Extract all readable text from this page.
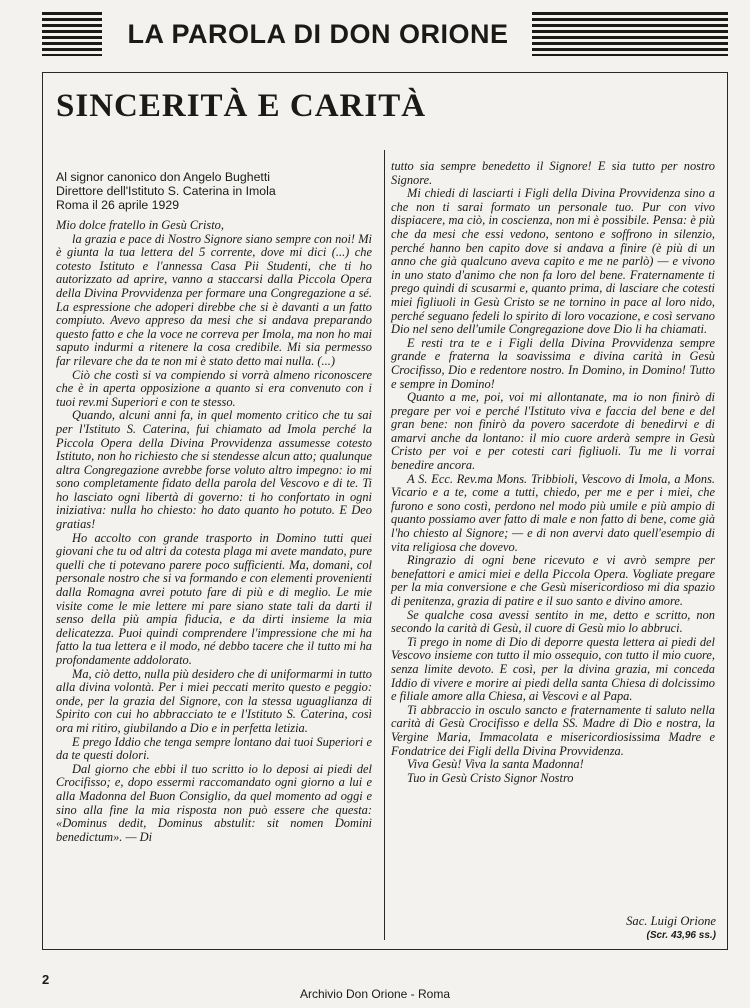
LA PAROLA DI DON ORIONE
SINCERITÀ E CARITÀ
Al signor canonico don Angelo Bughetti
Direttore dell'Istituto S. Caterina in Imola
Roma il 26 aprile 1929

Mio dolce fratello in Gesù Cristo,

la grazia e pace di Nostro Signore siano sempre con noi! Mi è giunta la tua lettera del 5 corrente, dove mi dici (...) che cotesto Istituto e l'annessa Casa Pii Studenti, che ti ho autorizzato ad aprire, vanno a staccarsi dalla Piccola Opera della Divina Provvidenza per formare una Congregazione a sé. La espressione che adoperi direbbe che si è davanti a un fatto compiuto. Avevo appreso da mesi che si andava preparando questo fatto e che la voce ne correva per Imola, ma non ho mai saputo indurmi a ritenere la cosa credibile. Mi sia permesso far rilevare che da te non mi è stato detto mai nulla. (...)

Ciò che costì si va compiendo si vorrà almeno riconoscere che è in aperta opposizione a quanto si era convenuto con i tuoi rev.mi Superiori e con te stesso.

Quando, alcuni anni fa, in quel momento critico che tu sai per l'Istituto S. Caterina, fui chiamato ad Imola perché la Piccola Opera della Divina Provvidenza assumesse cotesto Istituto, non ho richiesto che si stendesse alcun atto; qualunque altra Congregazione avrebbe forse voluto altro impegno: io mi sono completamente fidato della parola del Vescovo e di te. Ti ho lasciato ogni libertà di governo: ti ho confortato in ogni iniziativa: nulla ho chiesto: ho dato quanto ho potuto. E Deo gratias!

Ho accolto con grande trasporto in Domino tutti quei giovani che tu od altri da cotesta plaga mi avete mandato, pure quelli che ti potevano parere poco sufficienti. Ma, domani, col personale nostro che si va formando e con elementi provenienti dalla Romagna avrei potuto fare di più e di meglio. Le mie visite come le mie lettere mi pare siano state tali da darti il senso della più ampia fiducia, e da dirti insieme la mia delicatezza. Puoi quindi comprendere l'impressione che mi ha fatto la tua lettera e il modo, né debbo tacere che il tutto mi ha profondamente addolorato.

Ma, ciò detto, nulla più desidero che di uniformarmi in tutto alla divina volontà. Per i miei peccati merito questo e peggio: onde, per la grazia del Signore, con la stessa uguaglianza di Spirito con cui ho abbracciato te e l'Istituto S. Caterina, così ora mi ritiro, giubilando a Dio e in perfetta letizia.

E prego Iddio che tenga sempre lontano dai tuoi Superiori e da te questi dolori.

Dal giorno che ebbi il tuo scritto io lo deposi ai piedi del Crocifisso; e, dopo essermi raccomandato ogni giorno a lui e alla Madonna del Buon Consiglio, da quel momento ad oggi e sino alla fine la mia risposta non può essere che questa: «Dominus dedit, Dominus abstulit: sit nomen Domini benedictum». — Di

tutto sia sempre benedetto il Signore! E sia tutto per nostro Signore.

Mi chiedi di lasciarti i Figli della Divina Provvidenza sino a che non ti sarai formato un personale tuo. Pur con vivo dispiacere, ma ciò, in coscienza, non mi è possibile. Pensa: è più che da mesi che essi vedono, sentono e soffrono in silenzio, perché hanno ben capito dove si andava a finire (è più di un anno che già qualcuno aveva capito e me ne parlò) — e vivono in uno stato d'animo che non fa loro del bene. Fraternamente ti prego quindi di scusarmi e, quanto prima, di lasciare che cotesti miei figliuoli in Gesù Cristo se ne tornino in pace al loro nido, perché seguano fedeli lo spirito di loro vocazione, e così servano Dio nel seno dell'umile Congregazione dove Dio li ha chiamati.

E resti tra te e i Figli della Divina Provvidenza sempre grande e fraterna la soavissima e divina carità in Gesù Crocifisso, Dio e redentore nostro. In Domino, in Domino! Tutto e sempre in Domino!

Quanto a me, poi, voi mi allontanate, ma io non finirò di pregare per voi e perché l'Istituto viva e faccia del bene e del gran bene: non finirò da povero sacerdote di benedirvi e di amarvi anche da lontano: il mio cuore arderà sempre in Gesù Cristo per voi e per cotesti cari figliuoli. Tu me li vorrai benedire ancora.

A S. Ecc. Rev.ma Mons. Tribbioli, Vescovo di Imola, a Mons. Vicario e a te, come a tutti, chiedo, per me e per i miei, che furono e sono costì, perdono nel modo più umile e più ampio di quanto possiamo aver fatto di male e non fatto di bene, come già l'ho chiesto al Signore; — e di non avervi dato quell'esempio di vita religiosa che dovevo.

Ringrazio di ogni bene ricevuto e vi avrò sempre per benefattori e amici miei e della Piccola Opera. Vogliate pregare per la mia conversione e che Gesù misericordioso mi dia spazio di penitenza, grazia di patire e il suo santo e divino amore.

Se qualche cosa avessi sentito in me, detto e scritto, non secondo la carità di Gesù, il cuore di Gesù mio lo abbruci.

Ti prego in nome di Dio di deporre questa lettera ai piedi del Vescovo insieme con tutto il mio ossequio, con tutto il mio cuore, senza limite devoto. E così, per la divina grazia, mi conceda Iddio di vivere e morire ai piedi della santa Chiesa di dolcissimo e filiale amore alla Chiesa, ai Vescovi e al Papa.

Ti abbraccio in osculo sancto e fraternamente ti saluto nella carità di Gesù Crocifisso e della SS. Madre di Dio e nostra, la Vergine Maria, Immacolata e misericordiosissima Madre e Fondatrice dei Figli della Divina Provvidenza.

Viva Gesù! Viva la santa Madonna!

Tuo in Gesù Cristo Signor Nostro

Sac. Luigi Orione
(Scr. 43,96 ss.)
2
Archivio Don Orione - Roma
